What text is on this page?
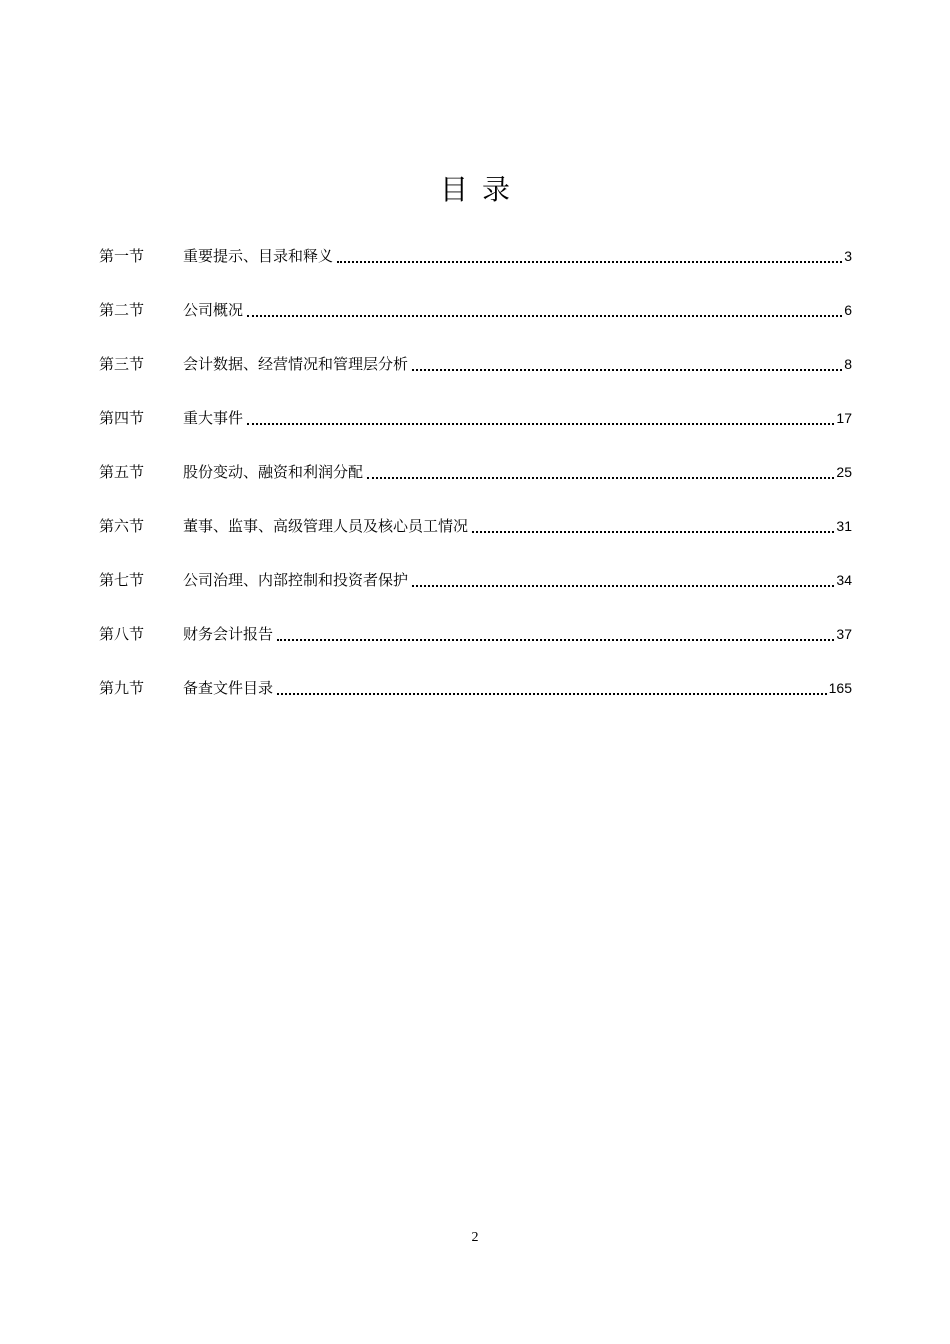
目录
第一节	重要提示、目录和释义	3
第二节	公司概况	6
第三节	会计数据、经营情况和管理层分析	8
第四节	重大事件	17
第五节	股份变动、融资和利润分配	25
第六节	董事、监事、高级管理人员及核心员工情况	31
第七节	公司治理、内部控制和投资者保护	34
第八节	财务会计报告	37
第九节	备查文件目录	165
2
